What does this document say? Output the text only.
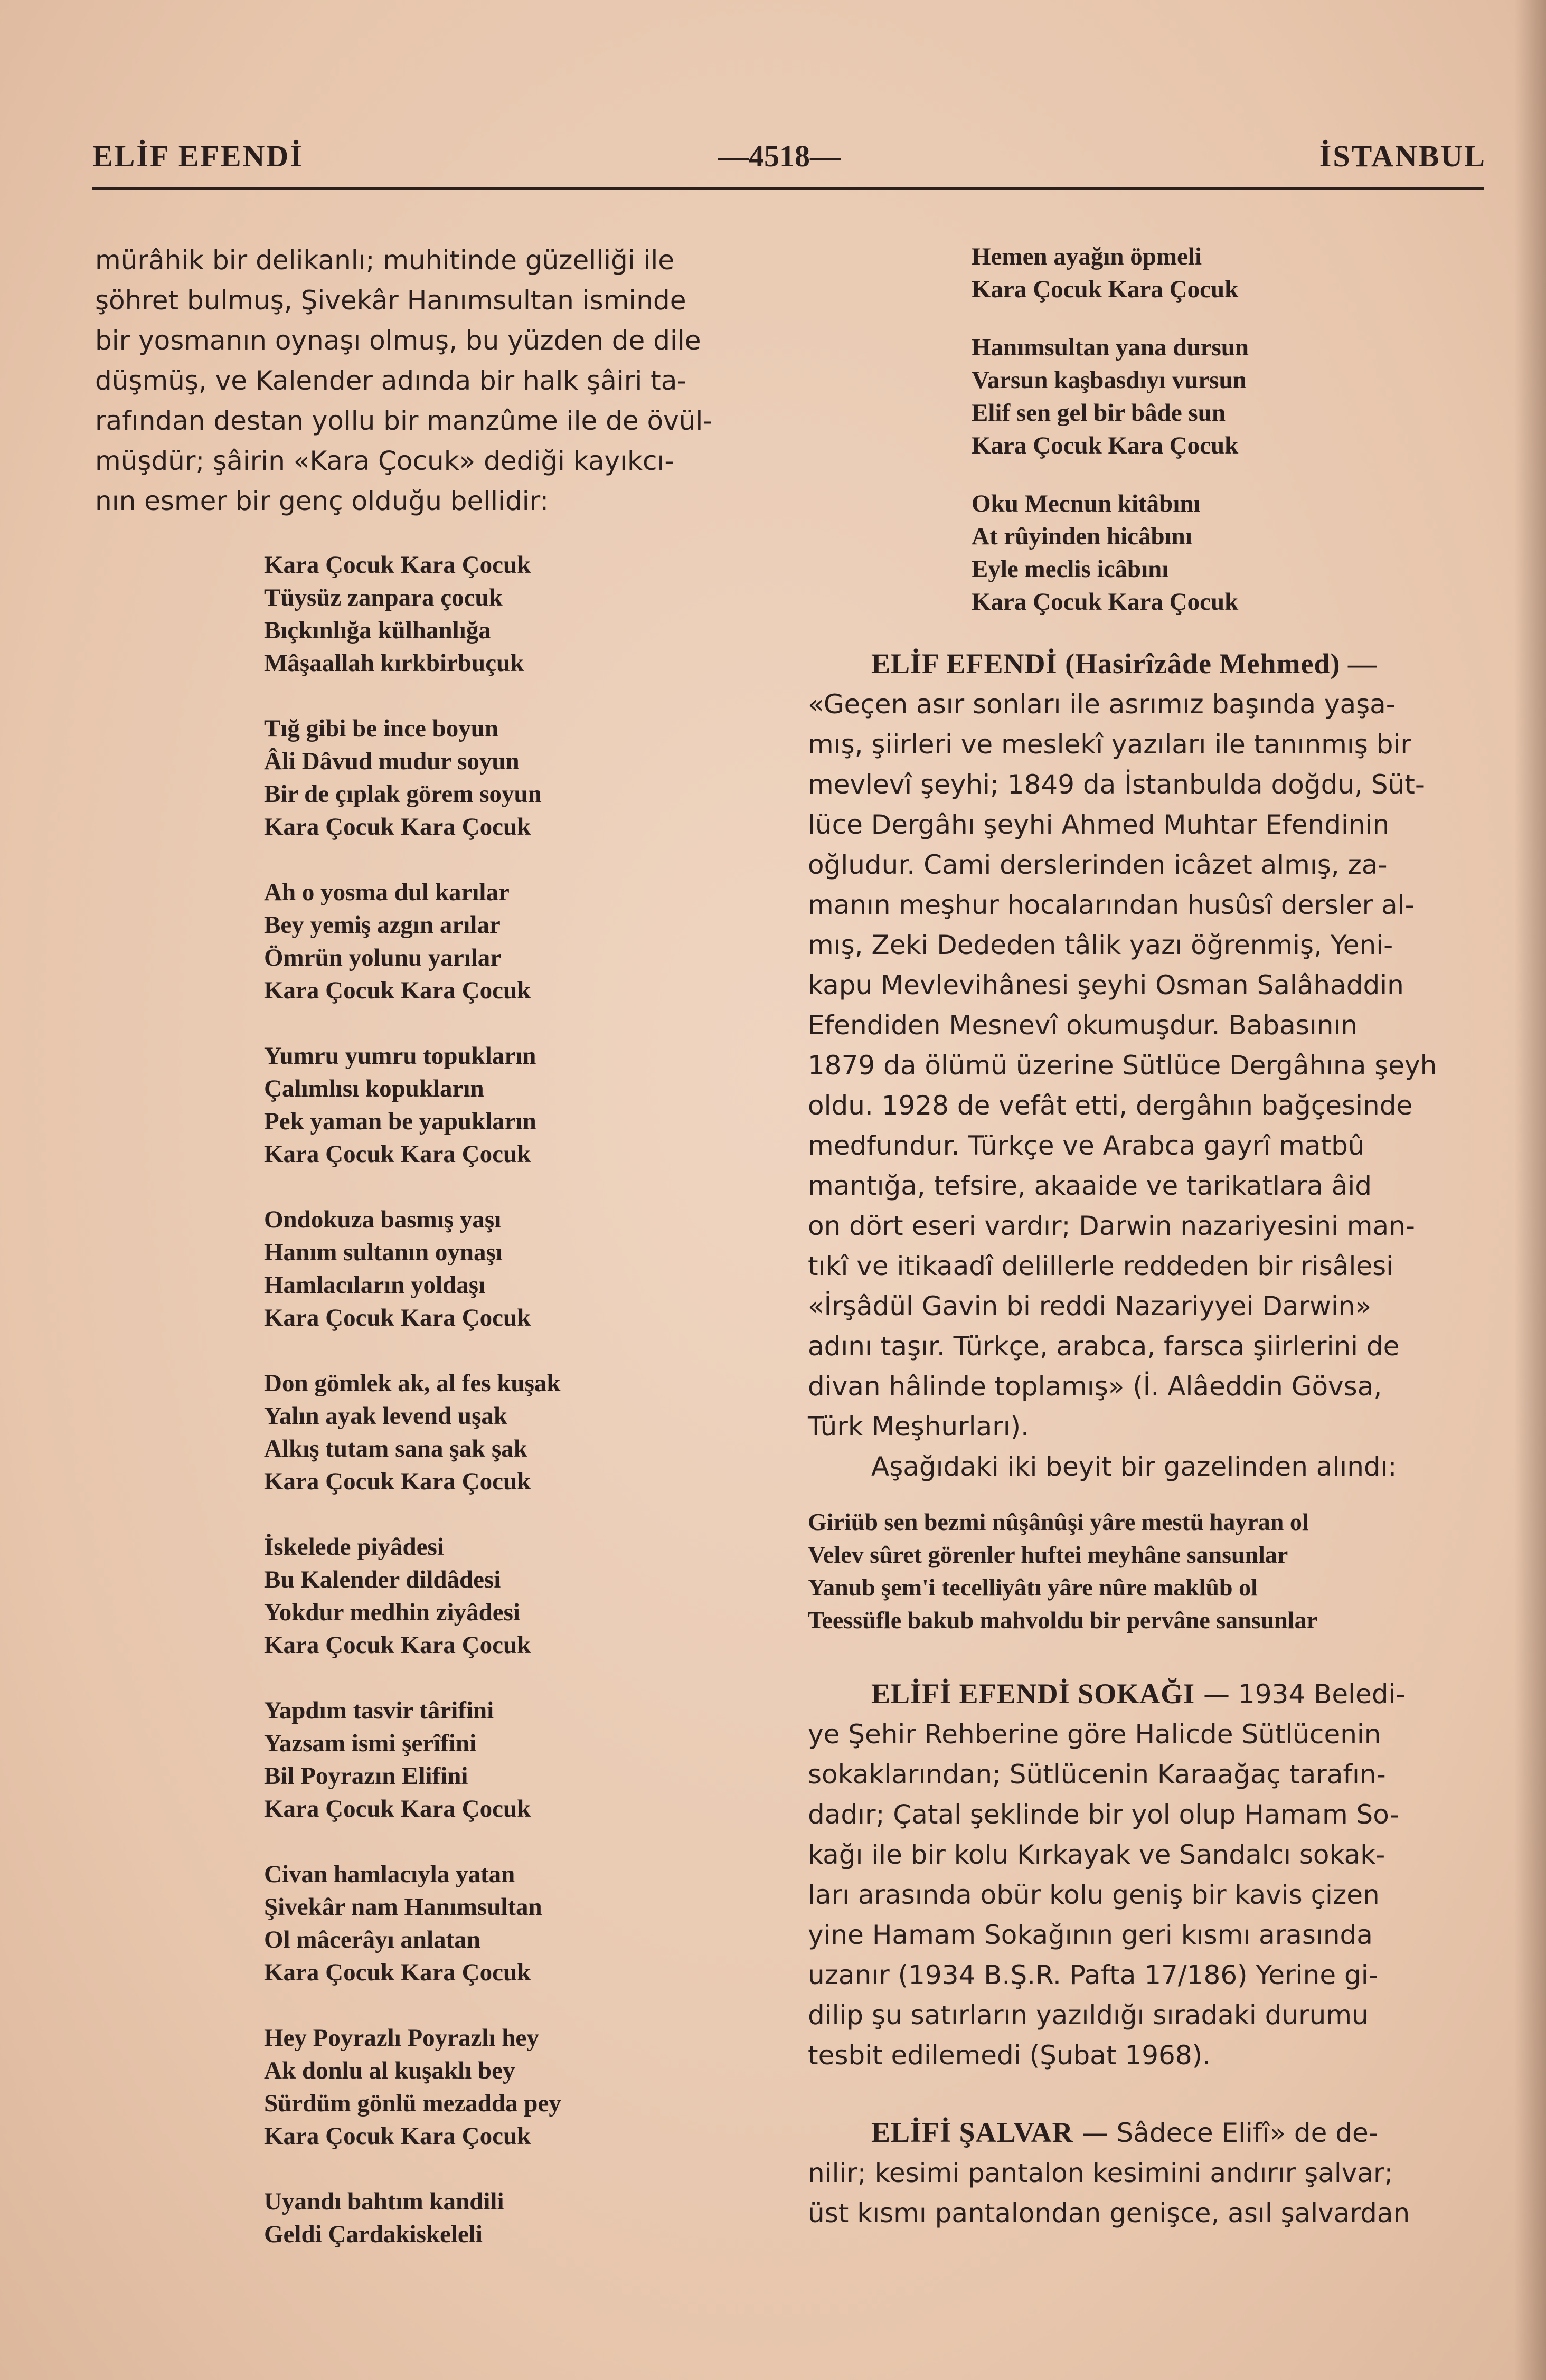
ELİF EFENDİ	—4518—	İSTANBUL
mürâhik bir delikanlı; muhitinde güzelliği ile
şöhret bulmuş, Şivekâr Hanımsultan isminde
bir yosmanın oynaşı olmuş, bu yüzden de dile
düşmüş, ve Kalender adında bir halk şâiri ta-
rafından destan yollu bir manzûme ile de övül-
müşdür; şâirin «Kara Çocuk» dediği kayıkcı-
nın esmer bir genç olduğu bellidir:
Kara Çocuk Kara Çocuk
Tüysüz zanpara çocuk
Bıçkınlığa külhanlığa
Mâşaallah kırkbirbuçuk
Tığ gibi be ince boyun
Âli Dâvud mudur soyun
Bir de çıplak görem soyun
Kara Çocuk Kara Çocuk
Ah o yosma dul karılar
Bey yemiş azgın arılar
Ömrün yolunu yarılar
Kara Çocuk Kara Çocuk
Yumru yumru topukların
Çalımlısı kopukların
Pek yaman be yapukların
Kara Çocuk Kara Çocuk
Ondokuza basmış yaşı
Hanım sultanın oynaşı
Hamlacıların yoldaşı
Kara Çocuk Kara Çocuk
Don gömlek ak, al fes kuşak
Yalın ayak levend uşak
Alkış tutam sana şak şak
Kara Çocuk Kara Çocuk
İskelede piyâdesi
Bu Kalender dildâdesi
Yokdur medhin ziyâdesi
Kara Çocuk Kara Çocuk
Yapdım tasvir târifini
Yazsam ismi şerîfini
Bil Poyrazın Elifini
Kara Çocuk Kara Çocuk
Civan hamlacıyla yatan
Şivekâr nam Hanımsultan
Ol mâcerâyı anlatan
Kara Çocuk Kara Çocuk
Hey Poyrazlı Poyrazlı hey
Ak donlu al kuşaklı bey
Sürdüm gönlü mezadda pey
Kara Çocuk Kara Çocuk
Uyandı bahtım kandili
Geldi Çardakiskeleli
Hemen ayağın öpmeli
Kara Çocuk Kara Çocuk
Hanımsultan yana dursun
Varsun kaşbasdıyı vursun
Elif sen gel bir bâde sun
Kara Çocuk Kara Çocuk
Oku Mecnun kitâbını
At rûyinden hicâbını
Eyle meclis icâbını
Kara Çocuk Kara Çocuk
ELİF EFENDİ (Hasirîzâde Mehmed) —
«Geçen asır sonları ile asrımız başında yaşa-
mış, şiirleri ve meslekî yazıları ile tanınmış bir
mevlevî şeyhi; 1849 da İstanbulda doğdu, Süt-
lüce Dergâhı şeyhi Ahmed Muhtar Efendinin
oğludur. Cami derslerinden icâzet almış, za-
manın meşhur hocalarından husûsî dersler al-
mış, Zeki Dededen tâlik yazı öğrenmiş, Yeni-
kapu Mevlevihânesi şeyhi Osman Salâhaddin
Efendiden Mesnevî okumuşdur. Babasının
1879 da ölümü üzerine Sütlüce Dergâhına şeyh
oldu. 1928 de vefât etti, dergâhın bağçesinde
medfundur. Türkçe ve Arabca gayrî matbû
mantığa, tefsire, akaaide ve tarikatlara âid
on dört eseri vardır; Darwin nazariyesini man-
tıkî ve itikaadî delillerle reddeden bir risâlesi
«İrşâdül Gavin bi reddi Nazariyyei Darwin»
adını taşır. Türkçe, arabca, farsca şiirlerini de
divan hâlinde toplamış» (İ. Alâeddin Gövsa,
Türk Meşhurları).
Aşağıdaki iki beyit bir gazelinden alındı:
Giriüb sen bezmi nûşânûşi yâre mestü hayran ol
Velev sûret görenler huftei meyhâne sansunlar
Yanub şem'i tecelliyâtı yâre nûre maklûb ol
Teessüfle bakub mahvoldu bir pervâne sansunlar
ELİFİ EFENDİ SOKAĞI — 1934 Beledi-
ye Şehir Rehberine göre Halicde Sütlücenin
sokaklarından; Sütlücenin Karaağaç tarafın-
dadır; Çatal şeklinde bir yol olup Hamam So-
kağı ile bir kolu Kırkayak ve Sandalcı sokak-
ları arasında obür kolu geniş bir kavis çizen
yine Hamam Sokağının geri kısmı arasında
uzanır (1934 B.Ş.R. Pafta 17/186) Yerine gi-
dilip şu satırların yazıldığı sıradaki durumu
tesbit edilemedi (Şubat 1968).
ELİFİ ŞALVAR — Sâdece Elifî» de de-
nilir; kesimi pantalon kesimini andırır şalvar;
üst kısmı pantalondan genişce, asıl şalvardan
